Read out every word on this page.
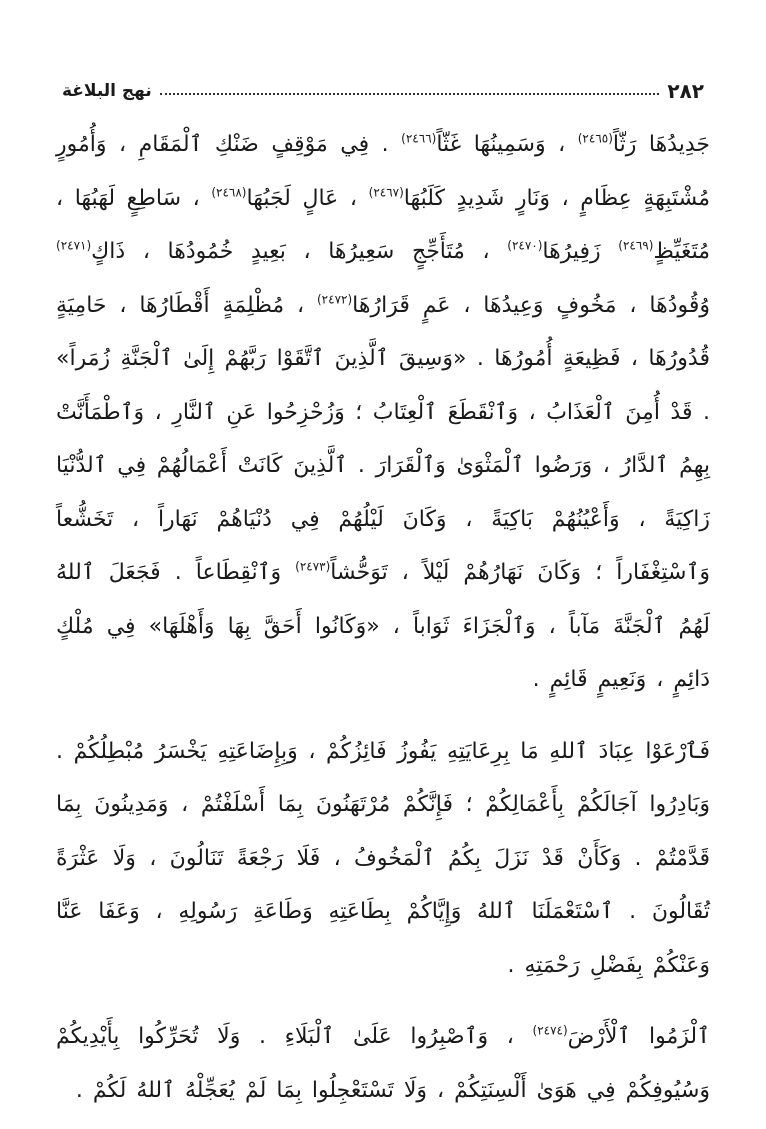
٢٨٢
نهج البلاغة

جَدِيدُهَا رَثّاً$^{(٢٤٦٥)}$ ، وَسَمِينُهَا غَثّاً$^{(٢٤٦٦)}$ . فِي مَوْقِفٍ ضَنْكِ ٱلْمَقَامِ ، وَأُمُورٍ مُشْتَبِهَةٍ عِظَامٍ ، وَنَارٍ شَدِيدٍ كَلَبُهَا$^{(٢٤٦٧)}$ ، عَالٍ لَجَبُهَا$^{(٢٤٦٨)}$ ، سَاطِعٍ لَهَبُهَا ، مُتَغَيِّظٍ$^{(٢٤٦٩)}$ زَفِيرُهَا$^{(٢٤٧٠)}$ ، مُتَأَجِّجٍ سَعِيرُهَا ، بَعِيدٍ خُمُودُهَا ، ذَاكٍ$^{(٢٤٧١)}$ وُقُودُهَا ، مَخُوفٍ وَعِيدُهَا ، عَمٍ قَرَارُهَا$^{(٢٤٧٢)}$ ، مُظْلِمَةٍ أَقْطَارُهَا ، حَامِيَةٍ قُدُورُهَا ، فَظِيعَةٍ أُمُورُهَا . «وَسِيقَ ٱلَّذِينَ ٱتَّقَوْا رَبَّهُمْ إِلَىٰ ٱلْجَنَّةِ زُمَراً» . قَدْ أُمِنَ ٱلْعَذَابُ ، وَٱنْقَطَعَ ٱلْعِتَابُ ؛ وَزُحْزِحُوا عَنِ ٱلنَّارِ ، وَٱطْمَأَنَّتْ بِهِمُ ٱلدَّارُ ، وَرَضُوا ٱلْمَثْوَىٰ وَٱلْقَرَارَ . ٱلَّذِينَ كَانَتْ أَعْمَالُهُمْ فِي ٱلدُّنْيَا زَاكِيَةً ، وَأَعْيُنُهُمْ بَاكِيَةً ، وَكَانَ لَيْلُهُمْ فِي دُنْيَاهُمْ نَهَاراً ، تَخَشُّعاً وَٱسْتِغْفَاراً ؛ وَكَانَ نَهَارُهُمْ لَيْلاً ، تَوَحُّشاً$^{(٢٤٧٣)}$ وَٱنْقِطَاعاً . فَجَعَلَ ٱللهُ لَهُمُ ٱلْجَنَّةَ مَآباً ، وَٱلْجَزَاءَ ثَوَاباً ، «وَكَانُوا أَحَقَّ بِهَا وَأَهْلَهَا» فِي مُلْكٍ دَائِمٍ ، وَنَعِيمٍ قَائِمٍ .

فَٱرْعَوْا عِبَادَ ٱللهِ مَا بِرِعَايَتِهِ يَفُوزُ فَائِزُكُمْ ، وَبِإِضَاعَتِهِ يَخْسَرُ مُبْطِلُكُمْ . وَبَادِرُوا آجَالَكُمْ بِأَعْمَالِكُمْ ؛ فَإِنَّكُمْ مُرْتَهَنُونَ بِمَا أَسْلَفْتُمْ ، وَمَدِينُونَ بِمَا قَدَّمْتُمْ . وَكَأَنْ قَدْ نَزَلَ بِكُمُ ٱلْمَخُوفُ ، فَلَا رَجْعَةً تَنَالُونَ ، وَلَا عَثْرَةً تُقَالُونَ . ٱسْتَعْمَلَنَا ٱللهُ وَإِيَّاكُمْ بِطَاعَتِهِ وَطَاعَةِ رَسُولِهِ ، وَعَفَا عَنَّا وَعَنْكُمْ بِفَضْلِ رَحْمَتِهِ .

ٱلْزَمُوا ٱلْأَرْضَ$^{(٢٤٧٤)}$ ، وَٱصْبِرُوا عَلَىٰ ٱلْبَلَاءِ . وَلَا تُحَرِّكُوا بِأَيْدِيكُمْ وَسُيُوفِكُمْ فِي هَوَىٰ أَلْسِنَتِكُمْ ، وَلَا تَسْتَعْجِلُوا بِمَا لَمْ يُعَجِّلْهُ ٱللهُ لَكُمْ .
